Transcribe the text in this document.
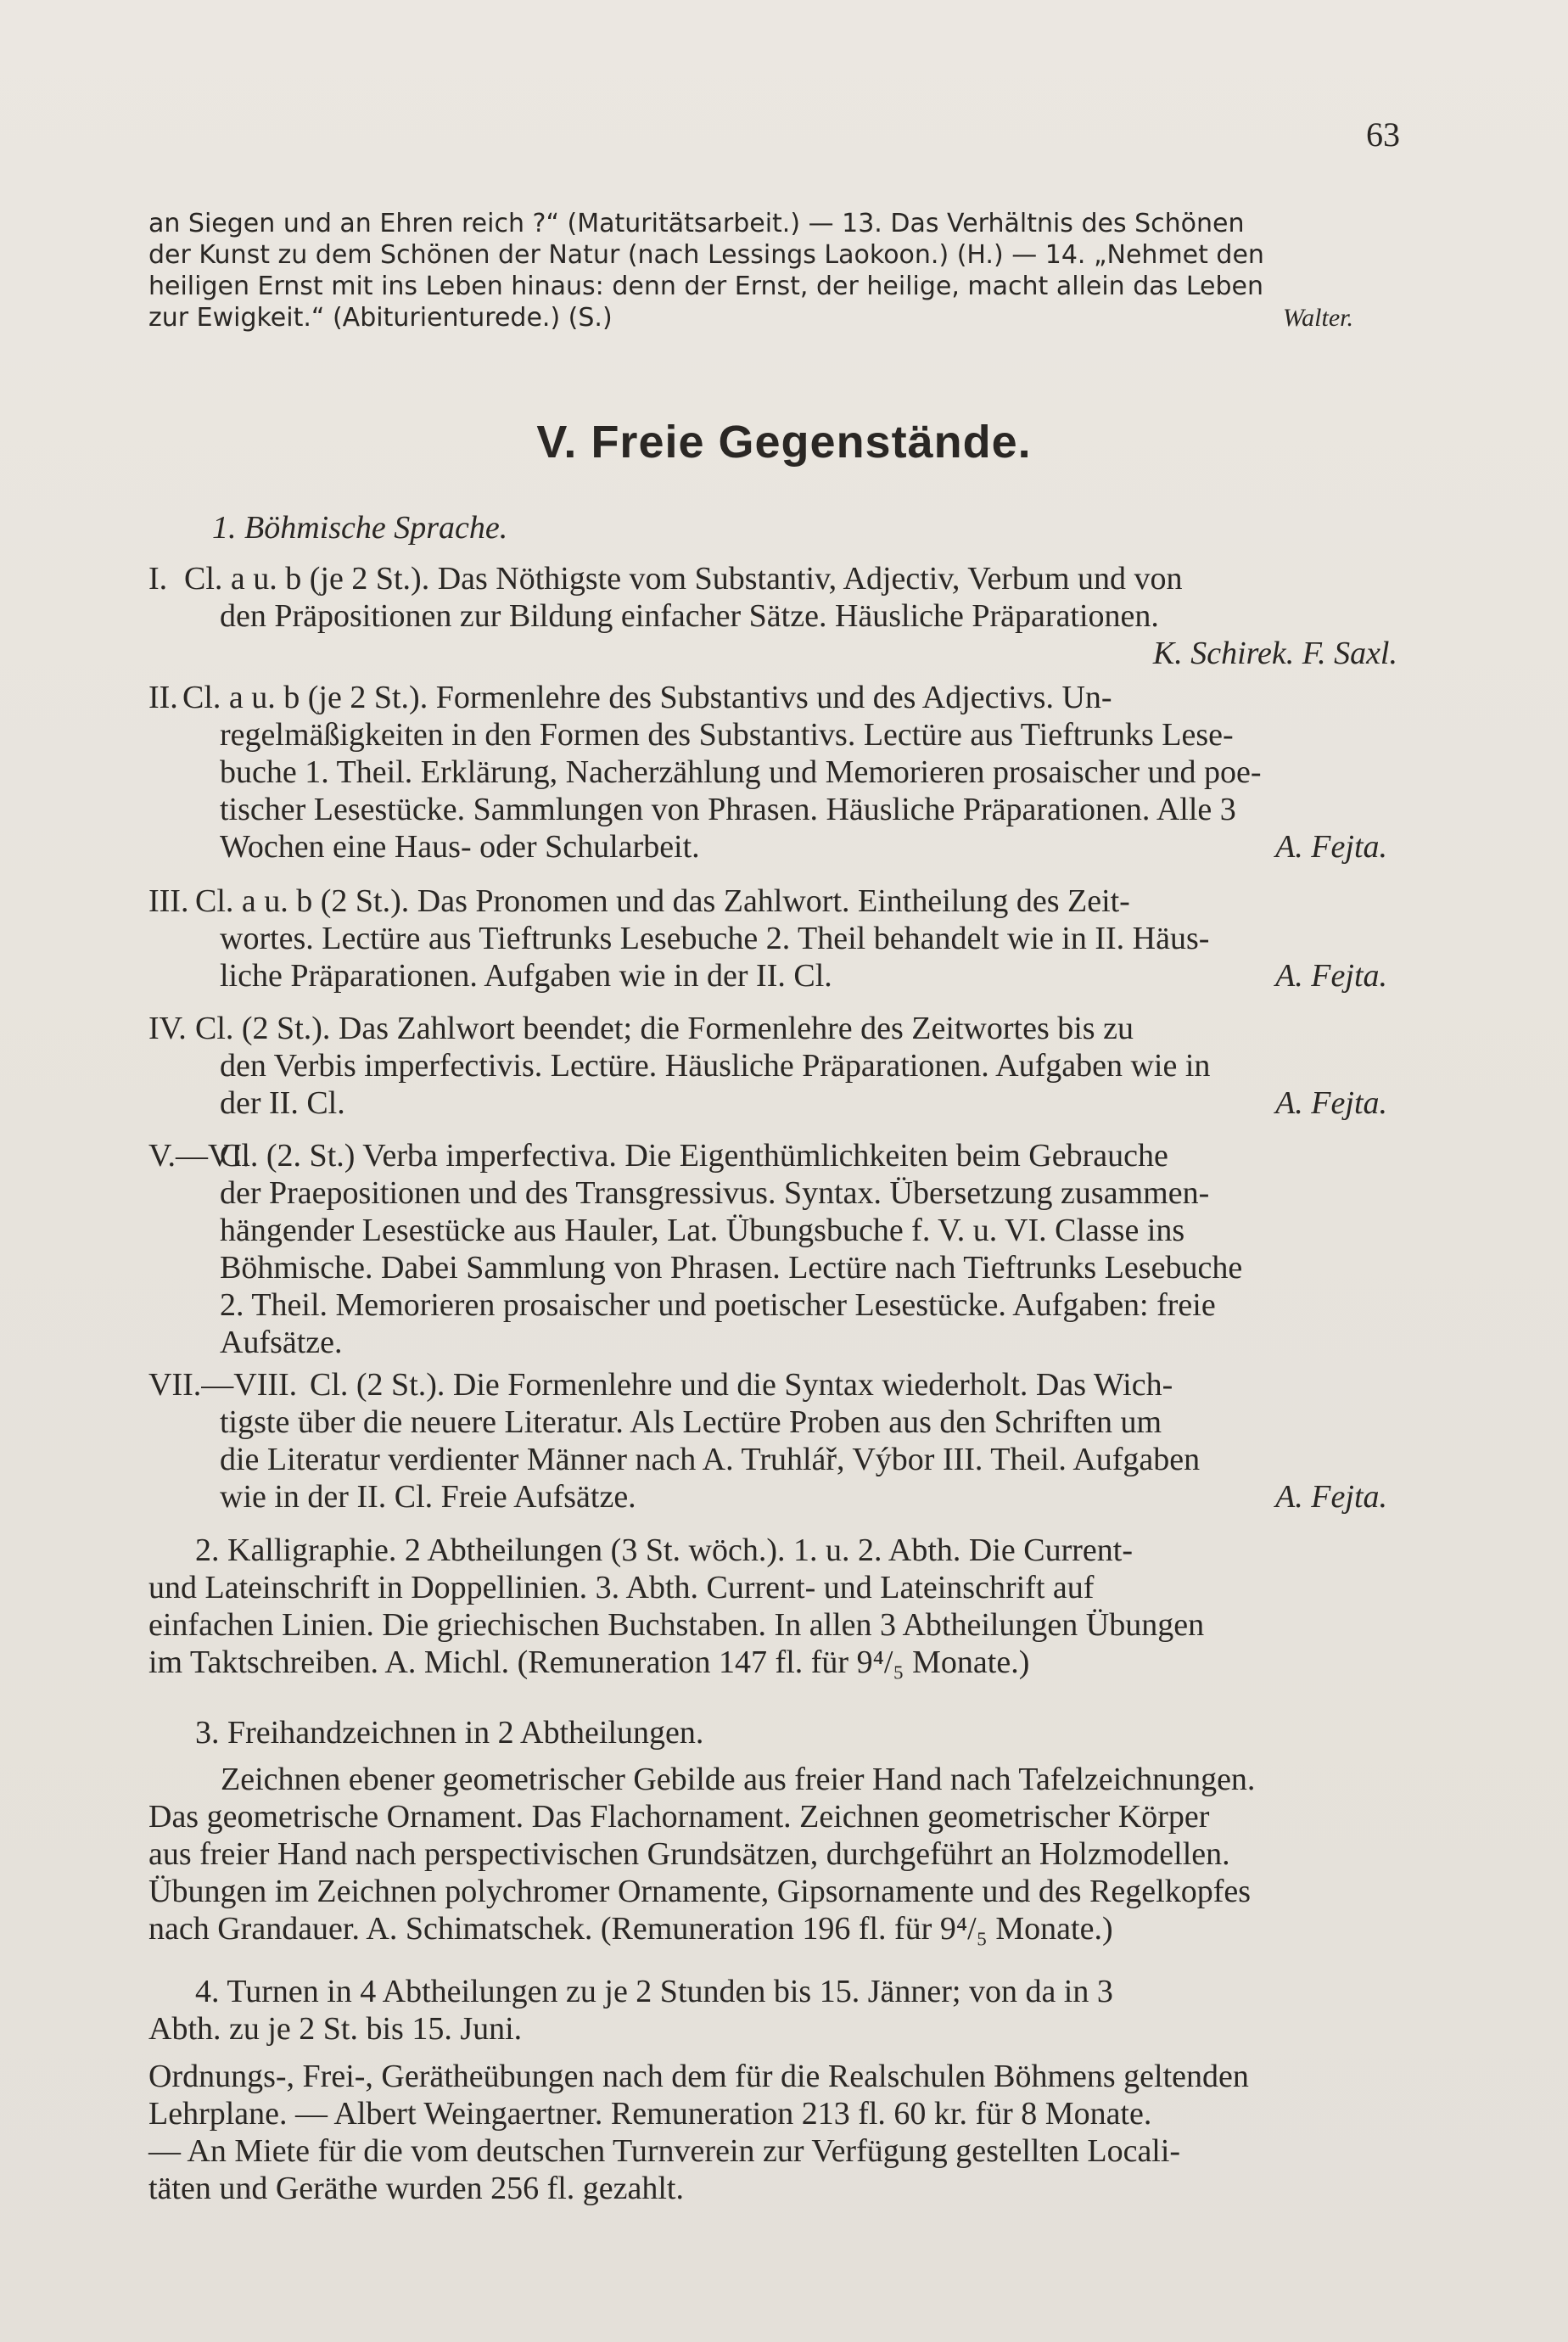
63
an Siegen und an Ehren reich ?“ (Maturitätsarbeit.) — 13. Das Verhältnis des Schönen
der Kunst zu dem Schönen der Natur (nach Lessings Laokoon.) (H.) — 14. „Nehmet den
heiligen Ernst mit ins Leben hinaus: denn der Ernst, der heilige, macht allein das Leben
zur Ewigkeit.“ (Abiturienturede.) (S.)	Walter.
V. Freie Gegenstände.
1. Böhmische Sprache.
I. Cl. a u. b (je 2 St.). Das Nöthigste vom Substantiv, Adjectiv, Verbum und von
den Präpositionen zur Bildung einfacher Sätze. Häusliche Präparationen.
K. Schirek. F. Saxl.
II. Cl. a u. b (je 2 St.). Formenlehre des Substantivs und des Adjectivs. Un-
regelmäßigkeiten in den Formen des Substantivs. Lectüre aus Tieftrunks Lese-
buche 1. Theil. Erklärung, Nacherzählung und Memorieren prosaischer und poe-
tischer Lesestücke. Sammlungen von Phrasen. Häusliche Präparationen. Alle 3
Wochen eine Haus- oder Schularbeit.	A. Fejta.
III. Cl. a u. b (2 St.). Das Pronomen und das Zahlwort. Eintheilung des Zeit-
wortes. Lectüre aus Tieftrunks Lesebuche 2. Theil behandelt wie in II. Häus-
liche Präparationen. Aufgaben wie in der II. Cl.	A. Fejta.
IV. Cl. (2 St.). Das Zahlwort beendet; die Formenlehre des Zeitwortes bis zu
den Verbis imperfectivis. Lectüre. Häusliche Präparationen. Aufgaben wie in
der II. Cl.	A. Fejta.
V.—VI.
Cl. (2. St.) Verba imperfectiva. Die Eigenthümlichkeiten beim Gebrauche
der Praepositionen und des Transgressivus. Syntax. Übersetzung zusammen-
hängender Lesestücke aus Hauler, Lat. Übungsbuche f. V. u. VI. Classe ins
Böhmische. Dabei Sammlung von Phrasen. Lectüre nach Tieftrunks Lesebuche
2. Theil. Memorieren prosaischer und poetischer Lesestücke. Aufgaben: freie
Aufsätze.
VII.—VIII. Cl. (2 St.). Die Formenlehre und die Syntax wiederholt. Das Wich-
tigste über die neuere Literatur. Als Lectüre Proben aus den Schriften um
die Literatur verdienter Männer nach A. Truhlář, Výbor III. Theil. Aufgaben
wie in der II. Cl. Freie Aufsätze.	A. Fejta.
2. Kalligraphie. 2 Abtheilungen (3 St. wöch.). 1. u. 2. Abth. Die Current-
und Lateinschrift in Doppellinien. 3. Abth. Current- und Lateinschrift auf
einfachen Linien. Die griechischen Buchstaben. In allen 3 Abtheilungen Übungen
im Taktschreiben. A. Michl. (Remuneration 147 fl. für 9⁴/₅ Monate.)
3. Freihandzeichnen in 2 Abtheilungen.
Zeichnen ebener geometrischer Gebilde aus freier Hand nach Tafelzeichnungen.
Das geometrische Ornament. Das Flachornament. Zeichnen geometrischer Körper
aus freier Hand nach perspectivischen Grundsätzen, durchgeführt an Holzmodellen.
Übungen im Zeichnen polychromer Ornamente, Gipsornamente und des Regelkopfes
nach Grandauer. A. Schimatschek. (Remuneration 196 fl. für 9⁴/₅ Monate.)
4. Turnen in 4 Abtheilungen zu je 2 Stunden bis 15. Jänner; von da in 3
Abth. zu je 2 St. bis 15. Juni.
Ordnungs-, Frei-, Geräthеübungen nach dem für die Realschulen Böhmens geltenden
Lehrplane. — Albert Weingaertner. Remuneration 213 fl. 60 kr. für 8 Monate.
— An Miete für die vom deutschen Turnverein zur Verfügung gestellten Locali-
täten und Geräthe wurden 256 fl. gezahlt.
